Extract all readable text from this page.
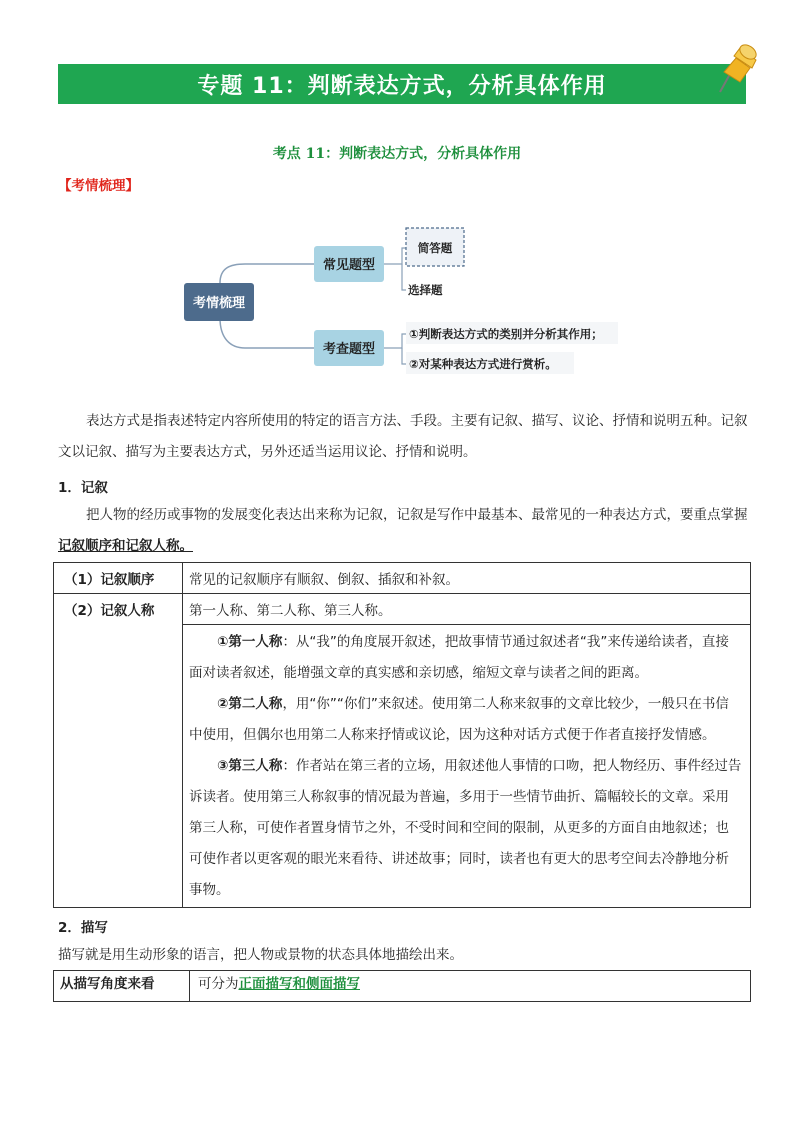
专题 11：判断表达方式，分析具体作用
考点 11：判断表达方式，分析具体作用
【考情梳理】
考情梳理
常见题型
简答题
选择题
考查题型
①判断表达方式的类别并分析其作用；
②对某种表达方式进行赏析。
表达方式是指表述特定内容所使用的特定的语言方法、手段。主要有记叙、描写、议论、抒情和说明五种。记叙文以记叙、描写为主要表达方式，另外还适当运用议论、抒情和说明。
1．记叙
把人物的经历或事物的发展变化表达出来称为记叙，记叙是写作中最基本、最常见的一种表达方式，要重点掌握记叙顺序和记叙人称。
（1）记叙顺序	常见的记叙顺序有顺叙、倒叙、插叙和补叙。
（2）记叙人称	第一人称、第二人称、第三人称。

	①第一人称：从“我”的角度展开叙述，把故事情节通过叙述者“我”来传递给读者，直接面对读者叙述，能增强文章的真实感和亲切感，缩短文章与读者之间的距离。

②第二人称，用“你”“你们”来叙述。使用第二人称来叙事的文章比较少，一般只在书信中使用，但偶尔也用第二人称来抒情或议论，因为这种对话方式便于作者直接抒发情感。

③第三人称：作者站在第三者的立场，用叙述他人事情的口吻，把人物经历、事件经过告诉读者。使用第三人称叙事的情况最为普遍，多用于一些情节曲折、篇幅较长的文章。采用第三人称，可使作者置身情节之外，不受时间和空间的限制，从更多的方面自由地叙述；也可使作者以更客观的眼光来看待、讲述故事；同时，读者也有更大的思考空间去冷静地分析事物。

2．描写
描写就是用生动形象的语言，把人物或景物的状态具体地描绘出来。
从描写角度来看	可分为正面描写和侧面描写
